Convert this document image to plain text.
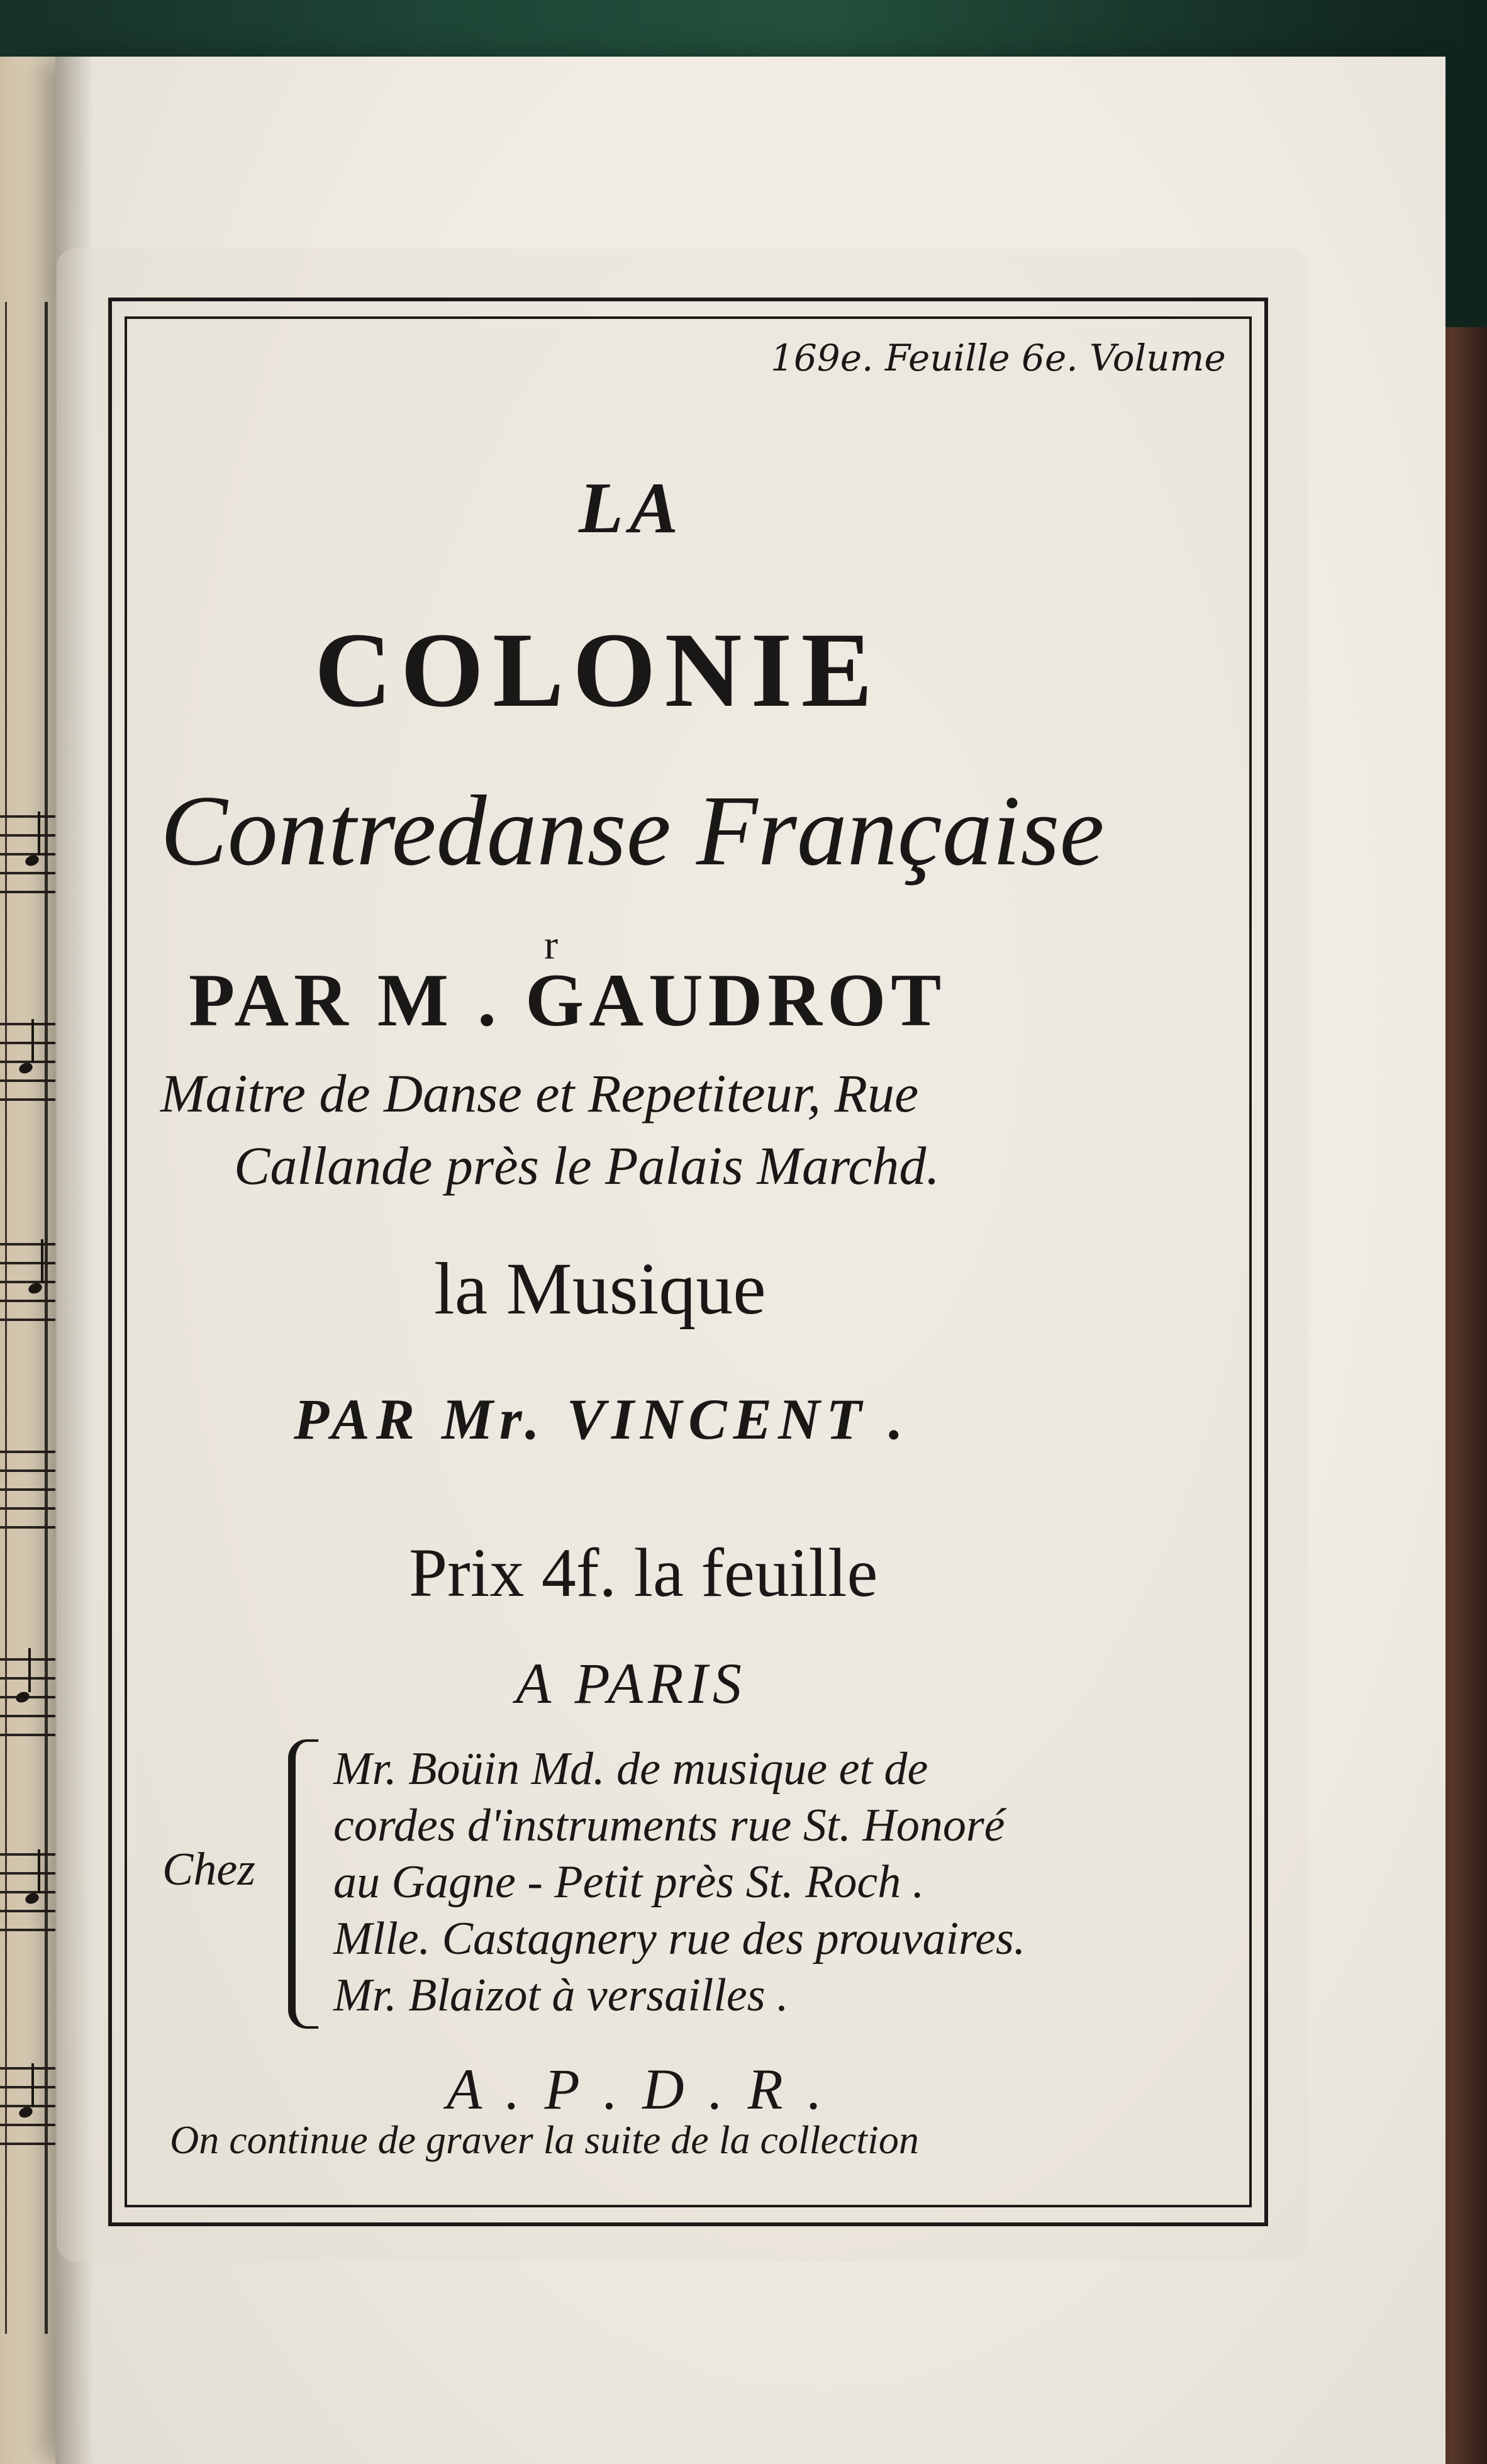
169e. Feuille 6e. Volume
LA
COLONIE
Contredanse Française
r
PAR M . GAUDROT
Maitre de Danse et Repetiteur, Rue
Callande près le Palais Marchd.
la Musique
PAR Mr. VINCENT .
Prix 4f. la feuille
A PARIS
Chez
Mr. Boüin Md. de musique et de
cordes d'instruments rue St. Honoré
au Gagne - Petit près St. Roch .
Mlle. Castagnery rue des prouvaires.
Mr. Blaizot à versailles .
A . P . D . R .
On continue de graver la suite de la collection
